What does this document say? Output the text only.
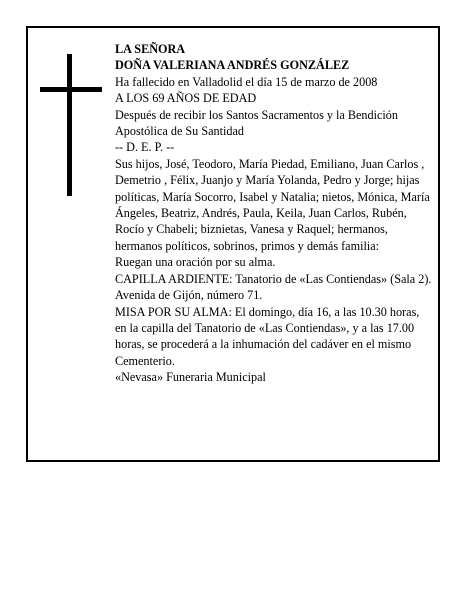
LA SEÑORA

DOÑA VALERIANA ANDRÉS GONZÁLEZ

Ha fallecido en Valladolid el día 15 de marzo de 2008

A LOS 69 AÑOS DE EDAD

Después de recibir los Santos Sacramentos y la Bendición Apostólica de Su Santidad

-- D. E. P. --

Sus hijos, José, Teodoro, María Piedad, Emiliano, Juan Carlos , Demetrio , Félix, Juanjo y María Yolanda, Pedro y Jorge; hijas políticas, María Socorro, Isabel y Natalia; nietos, Mónica, María Ángeles, Beatriz, Andrés, Paula, Keila, Juan Carlos, Rubén, Rocío y Chabeli; biznietas, Vanesa y Raquel; hermanos, hermanos políticos, sobrinos, primos y demás familia:

Ruegan una oración por su alma.

CAPILLA ARDIENTE: Tanatorio de «Las Contiendas» (Sala 2). Avenida de Gijón, número 71.

MISA POR SU ALMA: El domingo, día 16, a las 10.30 horas, en la capilla del Tanatorio de «Las Contiendas», y a las 17.00 horas, se procederá a la inhumación del cadáver en el mismo Cementerio.

«Nevasa» Funeraria Municipal
